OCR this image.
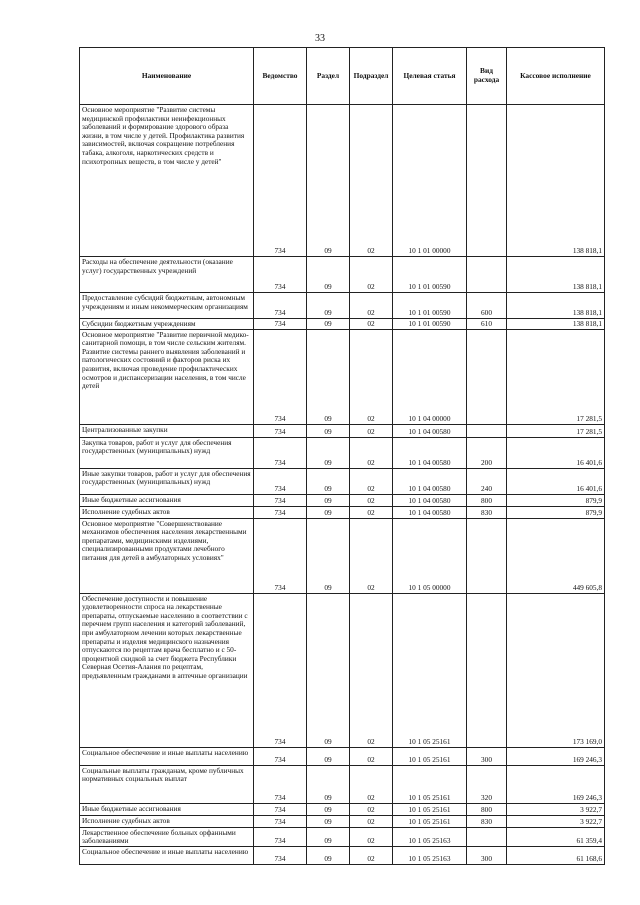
33
Наименование	Ведомство	Раздел	Подраздел	Целевая статья	Вид расхода	Кассовое исполнение
Основное мероприятие "Развитие системы медицинской профилактики неинфекционных заболеваний и формирование здорового образа жизни, в том числе у детей. Профилактика развития зависимостей, включая сокращение потребления табака, алкоголя, наркотических средств и психотропных веществ, в том числе у детей"	734	09	02	10 1 01 00000		138 818,1
Расходы на обеспечение деятельности (оказание услуг) государственных учреждений	734	09	02	10 1 01 00590		138 818,1
Предоставление субсидий бюджетным, автономным учреждениям и иным некоммерческим организациям	734	09	02	10 1 01 00590	600	138 818,1
Субсидии бюджетным учреждениям	734	09	02	10 1 01 00590	610	138 818,1
Основное мероприятие "Развитие первичной медико-санитарной помощи, в том числе сельским жителям. Развитие системы раннего выявления заболеваний и патологических состояний и факторов риска их развития, включая проведение профилактических осмотров и диспансеризации населения, в том числе детей	734	09	02	10 1 04 00000		17 281,5
Централизованные закупки	734	09	02	10 1 04 00580		17 281,5
Закупка товаров, работ и услуг для обеспечения государственных (муниципальных) нужд	734	09	02	10 1 04 00580	200	16 401,6
Иные закупки товаров, работ и услуг для обеспечения государственных (муниципальных) нужд	734	09	02	10 1 04 00580	240	16 401,6
Иные бюджетные ассигнования	734	09	02	10 1 04 00580	800	879,9
Исполнение судебных актов	734	09	02	10 1 04 00580	830	879,9
Основное мероприятие "Совершенствование механизмов обеспечения населения лекарственными препаратами, медицинскими изделиями, специализированными продуктами лечебного питания для детей в амбулаторных условиях"	734	09	02	10 1 05 00000		449 605,8
Обеспечение доступности и повышение удовлетворенности спроса на лекарственные препараты, отпускаемые населению в соответствии с перечнем групп населения и категорий заболеваний, при амбулаторном лечении которых лекарственные препараты и изделия медицинского назначения отпускаются по рецептам врача бесплатно и с 50-процентной скидкой за счет бюджета Республики Северная Осетия-Алания по рецептам, предъявленным гражданами в аптечные организации	734	09	02	10 1 05 25161		173 169,0
Социальное обеспечение и иные выплаты населению	734	09	02	10 1 05 25161	300	169 246,3
Социальные выплаты гражданам, кроме публичных нормативных социальных выплат	734	09	02	10 1 05 25161	320	169 246,3
Иные бюджетные ассигнования	734	09	02	10 1 05 25161	800	3 922,7
Исполнение судебных актов	734	09	02	10 1 05 25161	830	3 922,7
Лекарственное обеспечение больных орфанными заболеваниями	734	09	02	10 1 05 25163		61 359,4
Социальное обеспечение и иные выплаты населению	734	09	02	10 1 05 25163	300	61 168,6
